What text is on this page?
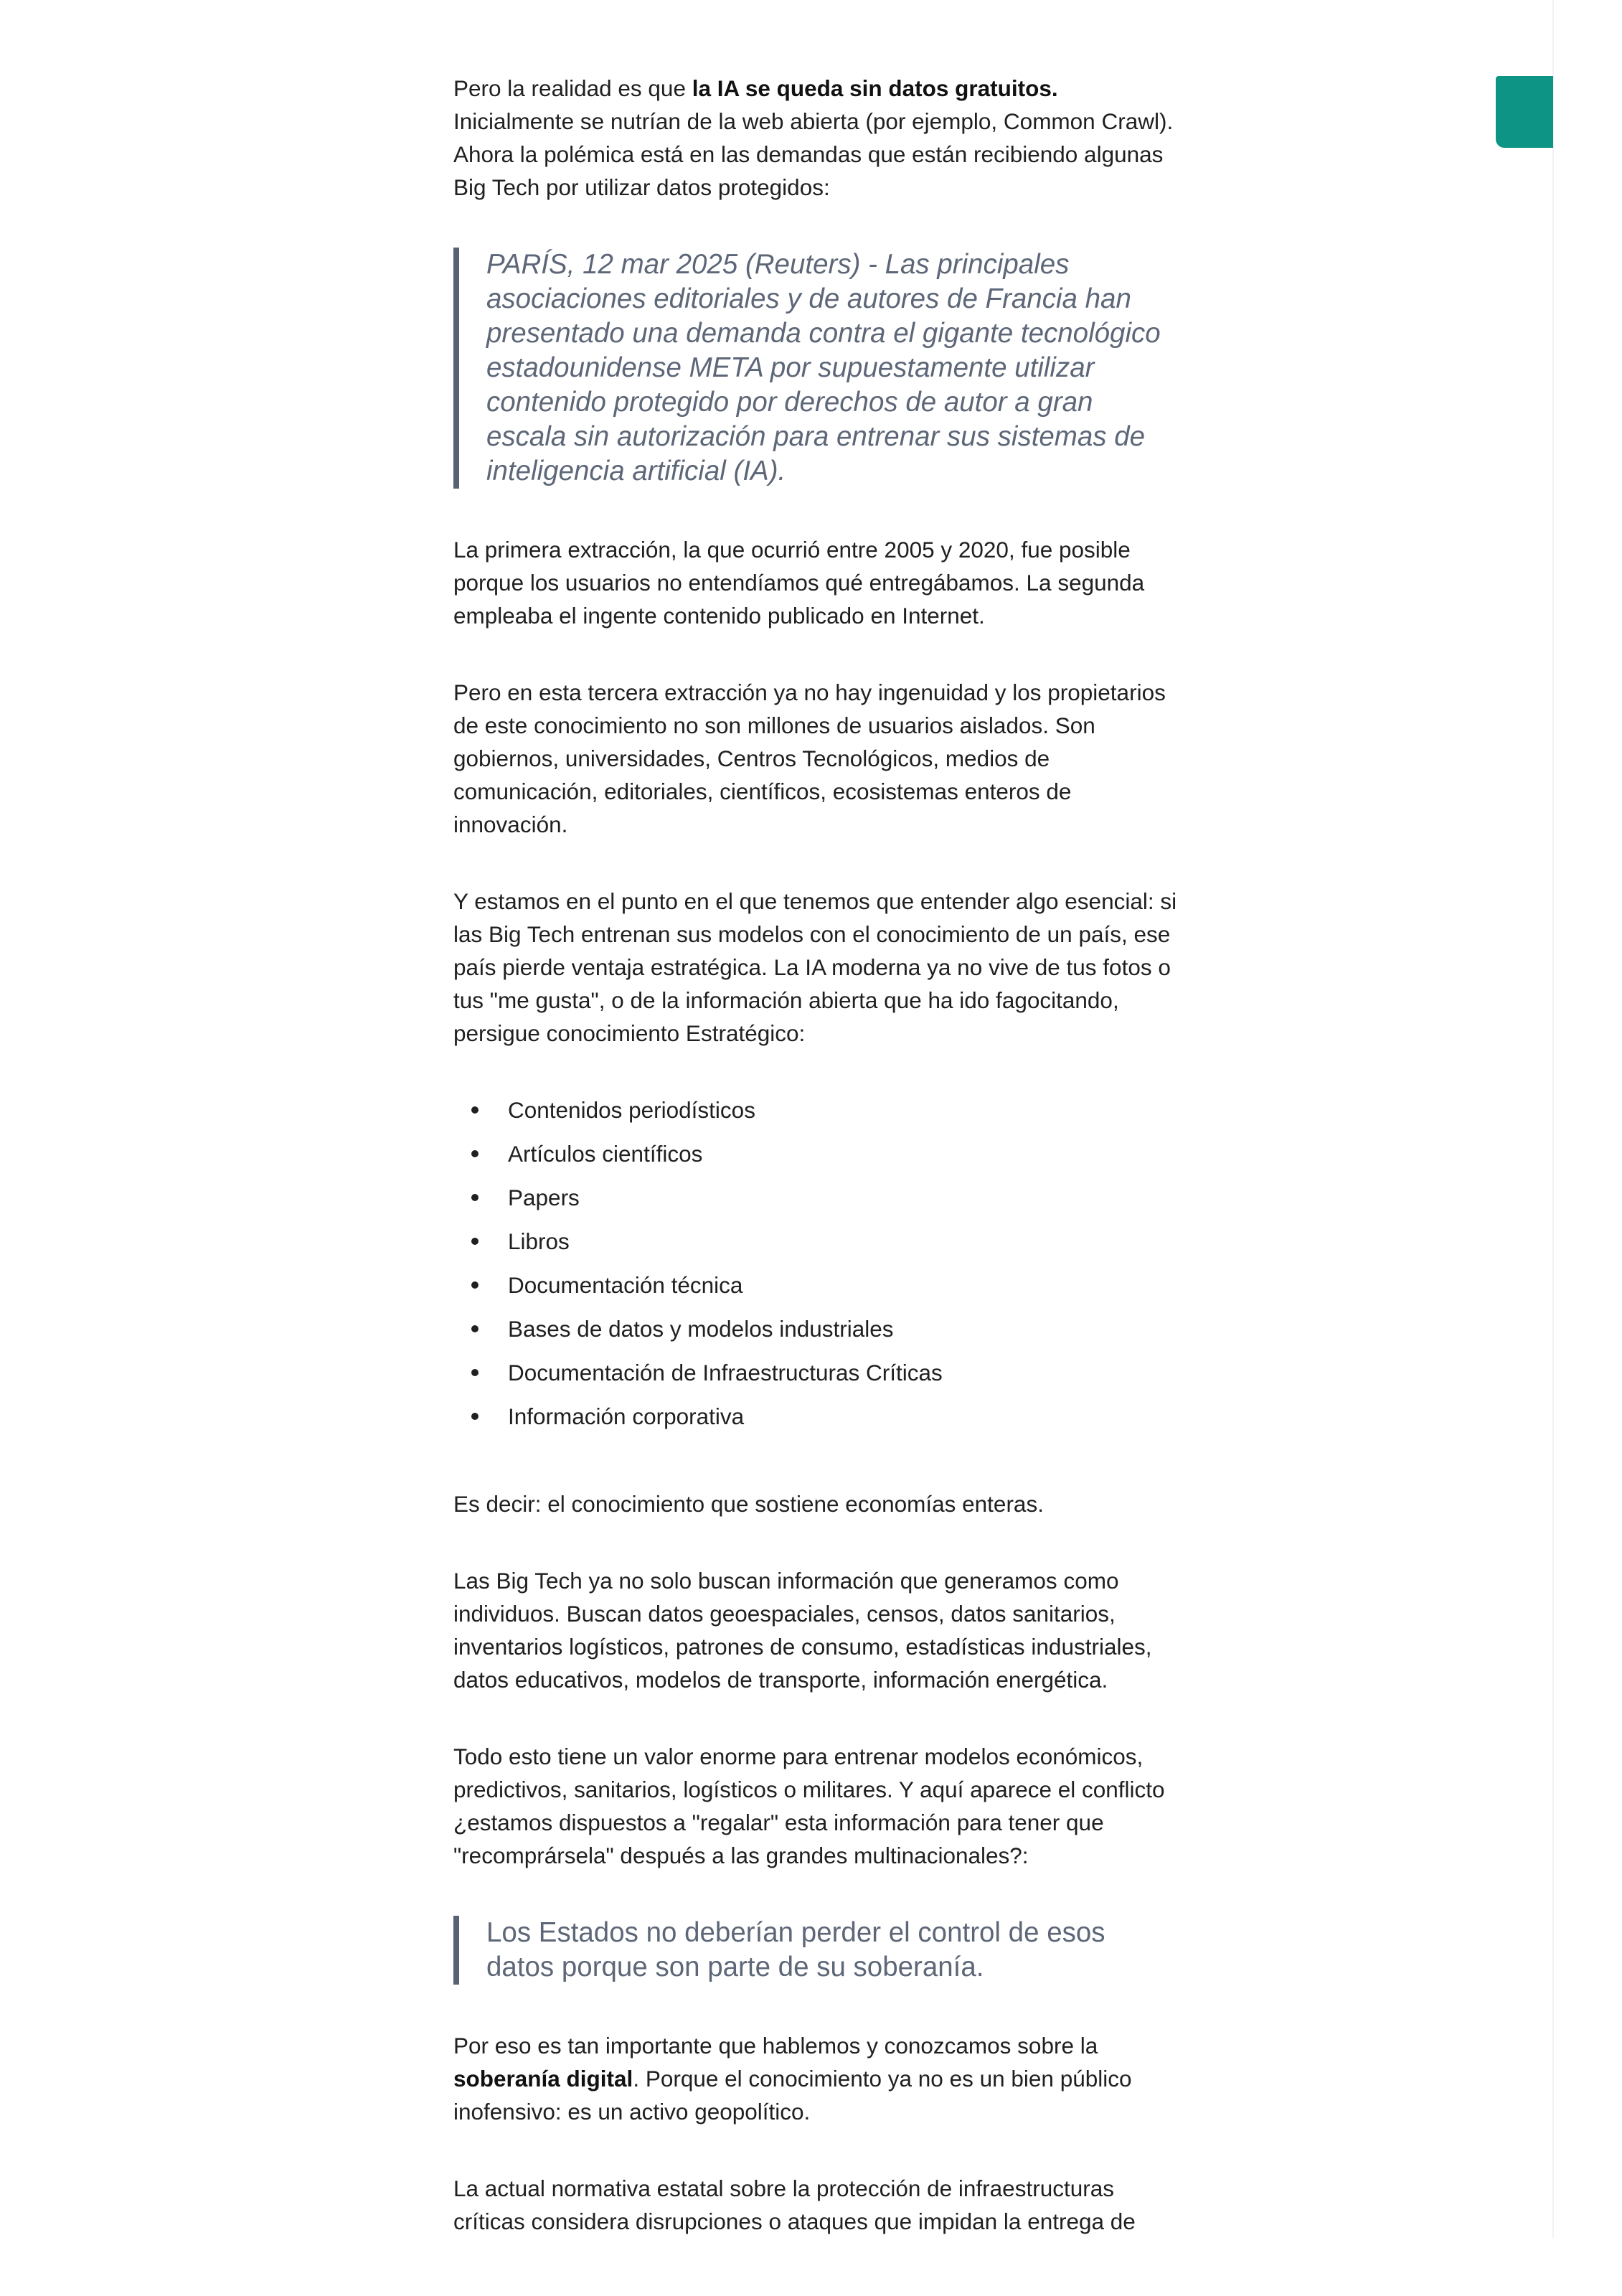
Pero la realidad es que la IA se queda sin datos gratuitos. Inicialmente se nutrían de la web abierta (por ejemplo, Common Crawl). Ahora la polémica está en las demandas que están recibiendo algunas Big Tech por utilizar datos protegidos:

PARÍS, 12 mar 2025 (Reuters) - Las principales asociaciones editoriales y de autores de Francia han presentado una demanda contra el gigante tecnológico estadounidense META por supuestamente utilizar contenido protegido por derechos de autor a gran escala sin autorización para entrenar sus sistemas de inteligencia artificial (IA).

La primera extracción, la que ocurrió entre 2005 y 2020, fue posible porque los usuarios no entendíamos qué entregábamos. La segunda empleaba el ingente contenido publicado en Internet.

Pero en esta tercera extracción ya no hay ingenuidad y los propietarios de este conocimiento no son millones de usuarios aislados. Son gobiernos, universidades, Centros Tecnológicos, medios de comunicación, editoriales, científicos, ecosistemas enteros de innovación.

Y estamos en el punto en el que tenemos que entender algo esencial: si las Big Tech entrenan sus modelos con el conocimiento de un país, ese país pierde ventaja estratégica. La IA moderna ya no vive de tus fotos o tus "me gusta", o de la información abierta que ha ido fagocitando, persigue conocimiento Estratégico:

Contenidos periodísticos
Artículos científicos
Papers
Libros
Documentación técnica
Bases de datos y modelos industriales
Documentación de Infraestructuras Críticas
Información corporativa

Es decir: el conocimiento que sostiene economías enteras.

Las Big Tech ya no solo buscan información que generamos como individuos. Buscan datos geoespaciales, censos, datos sanitarios, inventarios logísticos, patrones de consumo, estadísticas industriales, datos educativos, modelos de transporte, información energética.

Todo esto tiene un valor enorme para entrenar modelos económicos, predictivos, sanitarios, logísticos o militares. Y aquí aparece el conflicto ¿estamos dispuestos a "regalar" esta información para tener que "recomprársela" después a las grandes multinacionales?:

Los Estados no deberían perder el control de esos datos porque son parte de su soberanía.

Por eso es tan importante que hablemos y conozcamos sobre la soberanía digital. Porque el conocimiento ya no es un bien público inofensivo: es un activo geopolítico.

La actual normativa estatal sobre la protección de infraestructuras críticas considera disrupciones o ataques que impidan la entrega de
